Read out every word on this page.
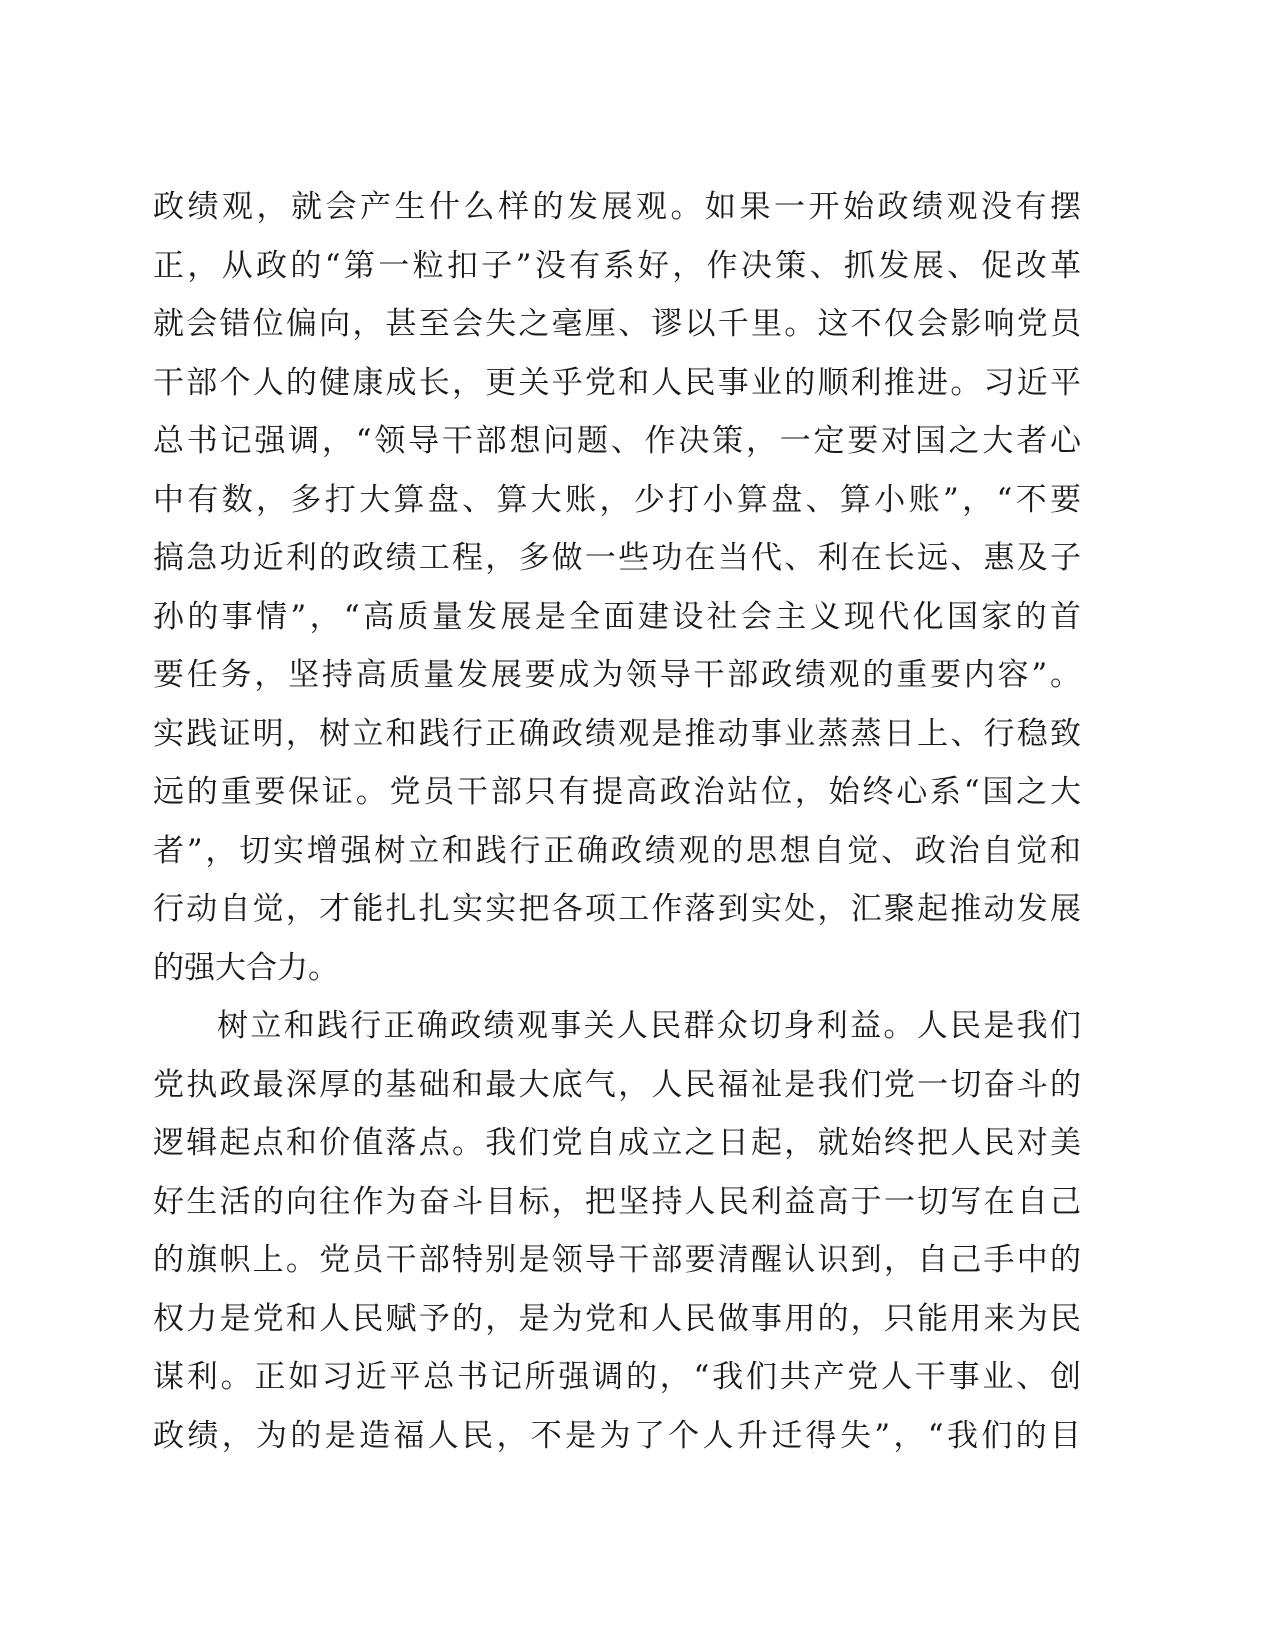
政绩观，就会产生什么样的发展观。如果一开始政绩观没有摆
正，从政的“第一粒扣子”没有系好，作决策、抓发展、促改革
就会错位偏向，甚至会失之毫厘、谬以千里。这不仅会影响党员
干部个人的健康成长，更关乎党和人民事业的顺利推进。习近平
总书记强调，“领导干部想问题、作决策，一定要对国之大者心
中有数，多打大算盘、算大账，少打小算盘、算小账”，“不要
搞急功近利的政绩工程，多做一些功在当代、利在长远、惠及子
孙的事情”，“高质量发展是全面建设社会主义现代化国家的首
要任务，坚持高质量发展要成为领导干部政绩观的重要内容”。
实践证明，树立和践行正确政绩观是推动事业蒸蒸日上、行稳致
远的重要保证。党员干部只有提高政治站位，始终心系“国之大
者”，切实增强树立和践行正确政绩观的思想自觉、政治自觉和
行动自觉，才能扎扎实实把各项工作落到实处，汇聚起推动发展
的强大合力。
树立和践行正确政绩观事关人民群众切身利益。人民是我们
党执政最深厚的基础和最大底气，人民福祉是我们党一切奋斗的
逻辑起点和价值落点。我们党自成立之日起，就始终把人民对美
好生活的向往作为奋斗目标，把坚持人民利益高于一切写在自己
的旗帜上。党员干部特别是领导干部要清醒认识到，自己手中的
权力是党和人民赋予的，是为党和人民做事用的，只能用来为民
谋利。正如习近平总书记所强调的，“我们共产党人干事业、创
政绩，为的是造福人民，不是为了个人升迁得失”，“我们的目
